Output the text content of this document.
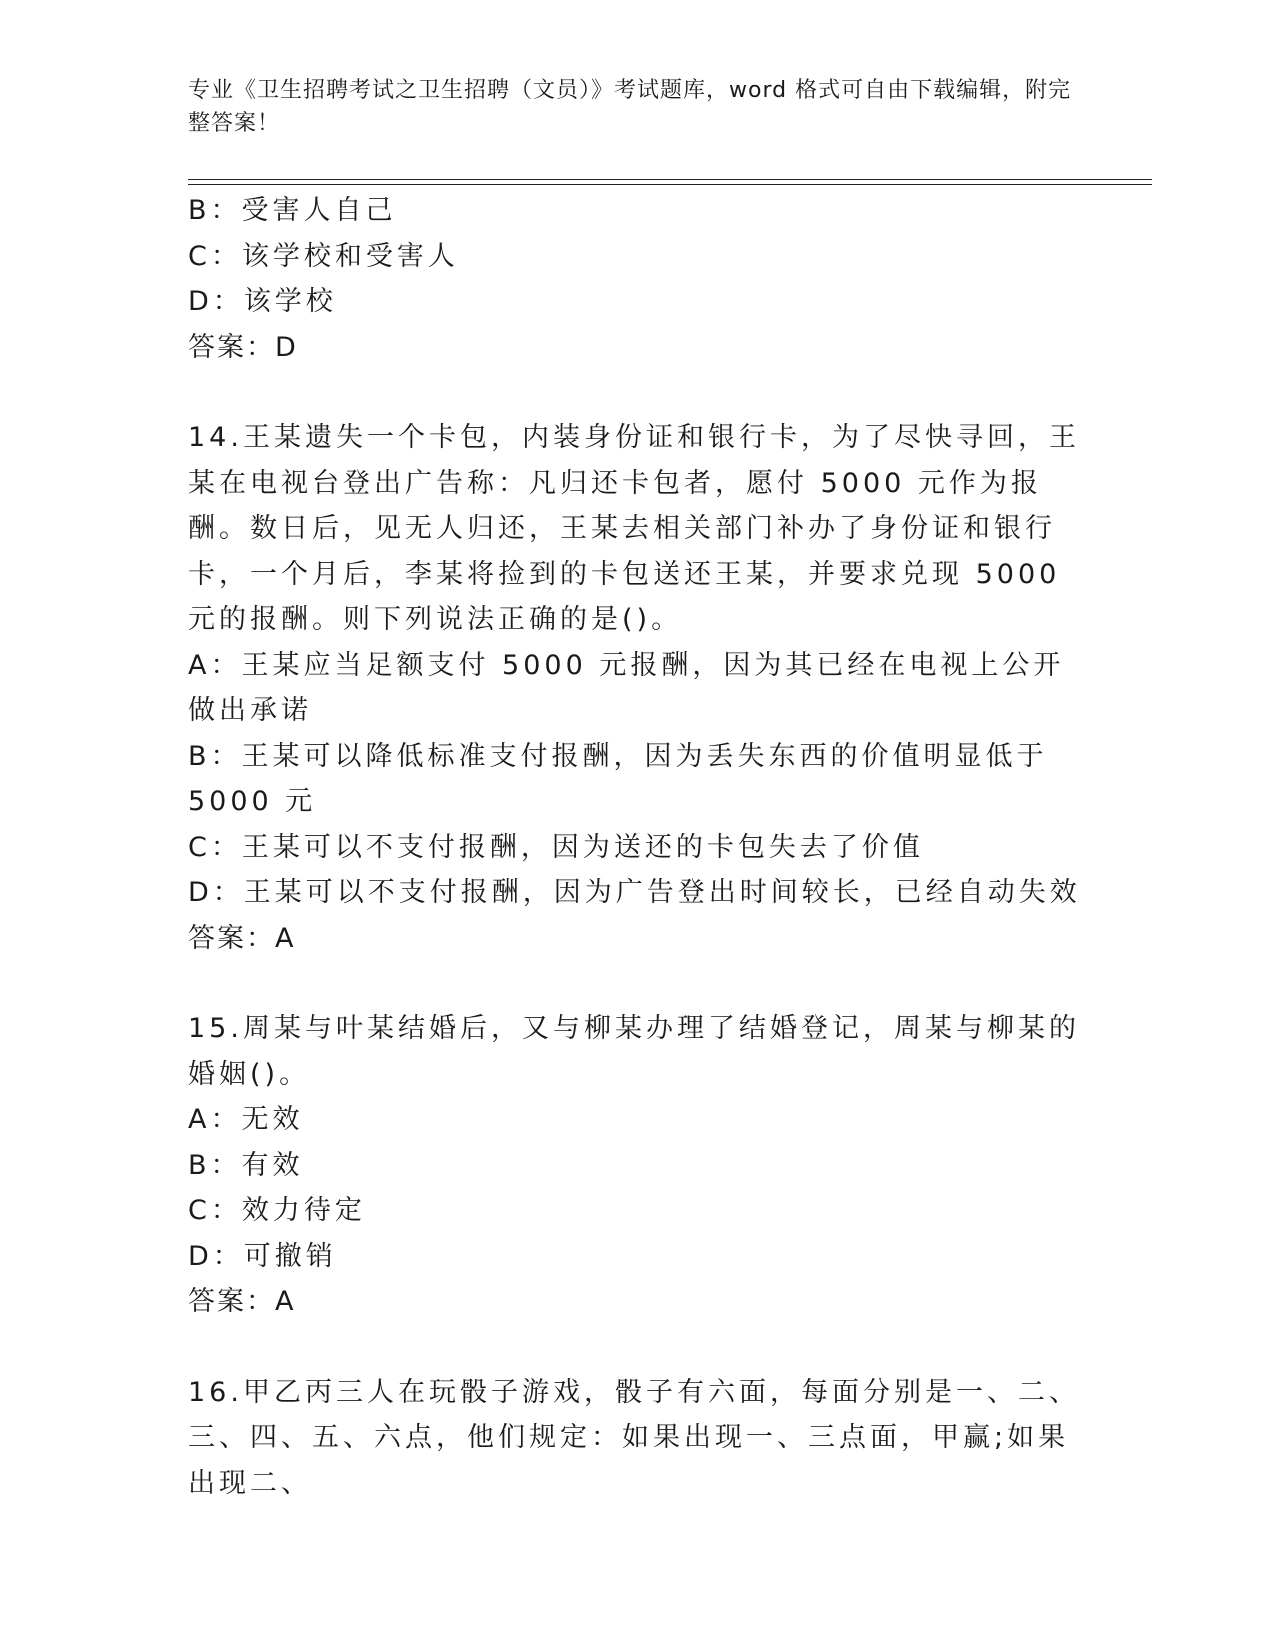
专业《卫生招聘考试之卫生招聘（文员）》考试题库，word 格式可自由下载编辑，附完整答案！

B：受害人自己

C：该学校和受害人

D：该学校

答案：D

14.王某遗失一个卡包，内装身份证和银行卡，为了尽快寻回，王某在电视台登出广告称：凡归还卡包者，愿付 5000 元作为报酬。数日后，见无人归还，王某去相关部门补办了身份证和银行卡，一个月后，李某将捡到的卡包送还王某，并要求兑现 5000 元的报酬。则下列说法正确的是()。

A：王某应当足额支付 5000 元报酬，因为其已经在电视上公开做出承诺

B：王某可以降低标准支付报酬，因为丢失东西的价值明显低于 5000 元

C：王某可以不支付报酬，因为送还的卡包失去了价值

D：王某可以不支付报酬，因为广告登出时间较长，已经自动失效

答案：A

15.周某与叶某结婚后，又与柳某办理了结婚登记，周某与柳某的婚姻()。

A：无效

B：有效

C：效力待定

D：可撤销

答案：A

16.甲乙丙三人在玩骰子游戏，骰子有六面，每面分别是一、二、三、四、五、六点，他们规定：如果出现一、三点面，甲赢;如果出现二、
